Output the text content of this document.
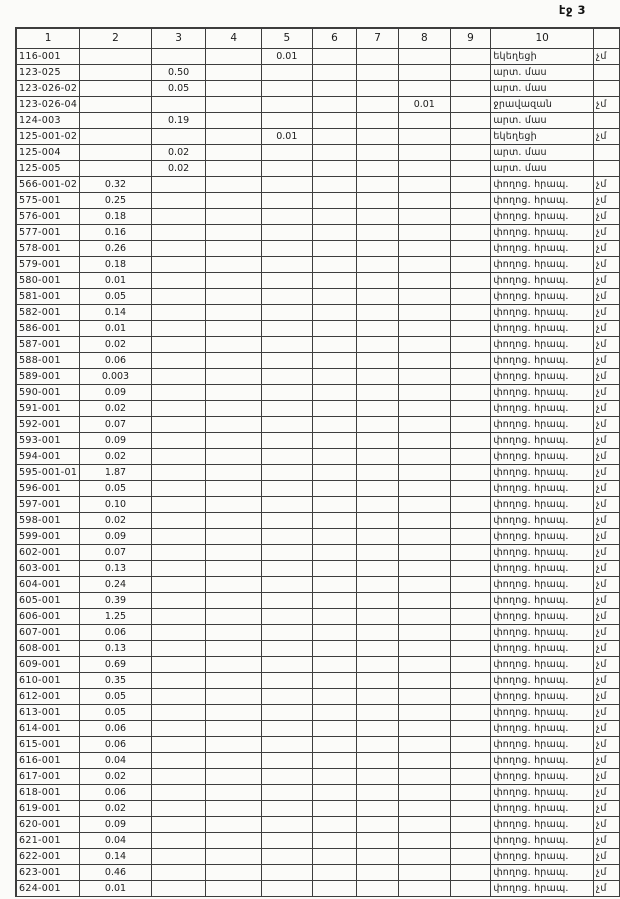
էջ 3
1	2	3	4	5	6	7	8	9	10	
116-001				0.01					եկեղեցի	չմ
123-025		0.50							արտ. մաս	
123-026-02		0.05							արտ. մաս	
123-026-04							0.01		ջրավազան	չմ
124-003		0.19							արտ. մաս	
125-001-02				0.01					եկեղեցի	չմ
125-004		0.02							արտ. մաս	
125-005		0.02							արտ. մաս	
566-001-02	0.32								փողոց. հրապ.	չմ
575-001	0.25								փողոց. հրապ.	չմ
576-001	0.18								փողոց. հրապ.	չմ
577-001	0.16								փողոց. հրապ.	չմ
578-001	0.26								փողոց. հրապ.	չմ
579-001	0.18								փողոց. հրապ.	չմ
580-001	0.01								փողոց. հրապ.	չմ
581-001	0.05								փողոց. հրապ.	չմ
582-001	0.14								փողոց. հրապ.	չմ
586-001	0.01								փողոց. հրապ.	չմ
587-001	0.02								փողոց. հրապ.	չմ
588-001	0.06								փողոց. հրապ.	չմ
589-001	0.003								փողոց. հրապ.	չմ
590-001	0.09								փողոց. հրապ.	չմ
591-001	0.02								փողոց. հրապ.	չմ
592-001	0.07								փողոց. հրապ.	չմ
593-001	0.09								փողոց. հրապ.	չմ
594-001	0.02								փողոց. հրապ.	չմ
595-001-01	1.87								փողոց. հրապ.	չմ
596-001	0.05								փողոց. հրապ.	չմ
597-001	0.10								փողոց. հրապ.	չմ
598-001	0.02								փողոց. հրապ.	չմ
599-001	0.09								փողոց. հրապ.	չմ
602-001	0.07								փողոց. հրապ.	չմ
603-001	0.13								փողոց. հրապ.	չմ
604-001	0.24								փողոց. հրապ.	չմ
605-001	0.39								փողոց. հրապ.	չմ
606-001	1.25								փողոց. հրապ.	չմ
607-001	0.06								փողոց. հրապ.	չմ
608-001	0.13								փողոց. հրապ.	չմ
609-001	0.69								փողոց. հրապ.	չմ
610-001	0.35								փողոց. հրապ.	չմ
612-001	0.05								փողոց. հրապ.	չմ
613-001	0.05								փողոց. հրապ.	չմ
614-001	0.06								փողոց. հրապ.	չմ
615-001	0.06								փողոց. հրապ.	չմ
616-001	0.04								փողոց. հրապ.	չմ
617-001	0.02								փողոց. հրապ.	չմ
618-001	0.06								փողոց. հրապ.	չմ
619-001	0.02								փողոց. հրապ.	չմ
620-001	0.09								փողոց. հրապ.	չմ
621-001	0.04								փողոց. հրապ.	չմ
622-001	0.14								փողոց. հրապ.	չմ
623-001	0.46								փողոց. հրապ.	չմ
624-001	0.01								փողոց. հրապ.	չմ
